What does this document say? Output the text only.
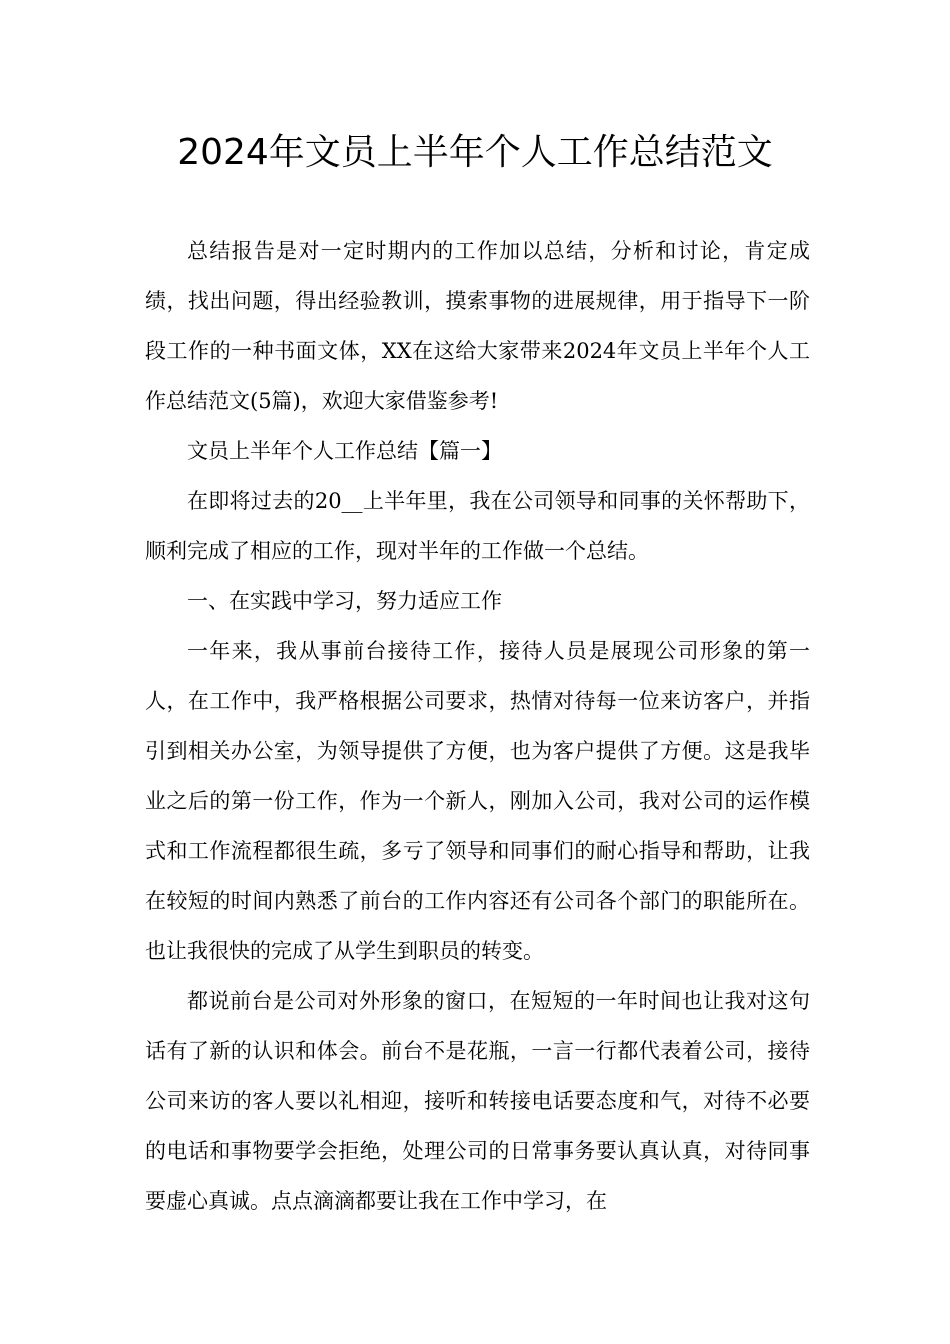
2024年文员上半年个人工作总结范文

总结报告是对一定时期内的工作加以总结，分析和讨论，肯定成绩，找出问题，得出经验教训，摸索事物的进展规律，用于指导下一阶段工作的一种书面文体，XX在这给大家带来2024年文员上半年个人工作总结范文(5篇)，欢迎大家借鉴参考!

文员上半年个人工作总结【篇一】

在即将过去的20__上半年里，我在公司领导和同事的关怀帮助下，顺利完成了相应的工作，现对半年的工作做一个总结。

一、在实践中学习，努力适应工作

一年来，我从事前台接待工作，接待人员是展现公司形象的第一人，在工作中，我严格根据公司要求，热情对待每一位来访客户，并指引到相关办公室，为领导提供了方便，也为客户提供了方便。这是我毕业之后的第一份工作，作为一个新人，刚加入公司，我对公司的运作模式和工作流程都很生疏，多亏了领导和同事们的耐心指导和帮助，让我在较短的时间内熟悉了前台的工作内容还有公司各个部门的职能所在。也让我很快的完成了从学生到职员的转变。

都说前台是公司对外形象的窗口，在短短的一年时间也让我对这句话有了新的认识和体会。前台不是花瓶，一言一行都代表着公司，接待公司来访的客人要以礼相迎，接听和转接电话要态度和气，对待不必要的电话和事物要学会拒绝，处理公司的日常事务要认真认真，对待同事要虚心真诚。点点滴滴都要让我在工作中学习，在
